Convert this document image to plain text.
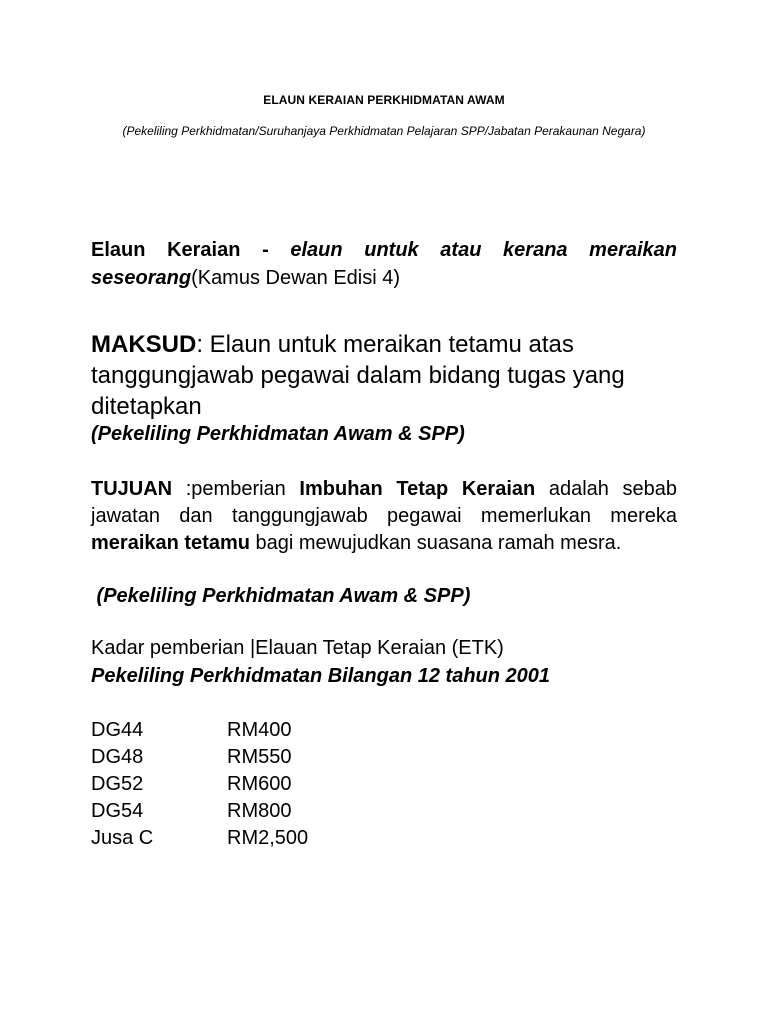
ELAUN KERAIAN PERKHIDMATAN AWAM
(Pekeliling Perkhidmatan/Suruhanjaya Perkhidmatan Pelajaran SPP/Jabatan Perakaunan Negara)
Elaun Keraian - elaun untuk atau kerana meraikan
seseorang(Kamus Dewan Edisi 4)
MAKSUD: Elaun untuk meraikan tetamu atas tanggungjawab pegawai dalam bidang tugas yang ditetapkan
(Pekeliling Perkhidmatan Awam & SPP)
TUJUAN :pemberian Imbuhan Tetap Keraian adalah sebab jawatan dan tanggungjawab pegawai memerlukan mereka meraikan tetamu bagi mewujudkan suasana ramah mesra.
(Pekeliling Perkhidmatan Awam & SPP)
Kadar pemberian |Elauan Tetap Keraian (ETK)
Pekeliling Perkhidmatan Bilangan 12 tahun 2001
DG44	RM400
DG48	RM550
DG52	RM600
DG54	RM800
Jusa C	RM2,500
